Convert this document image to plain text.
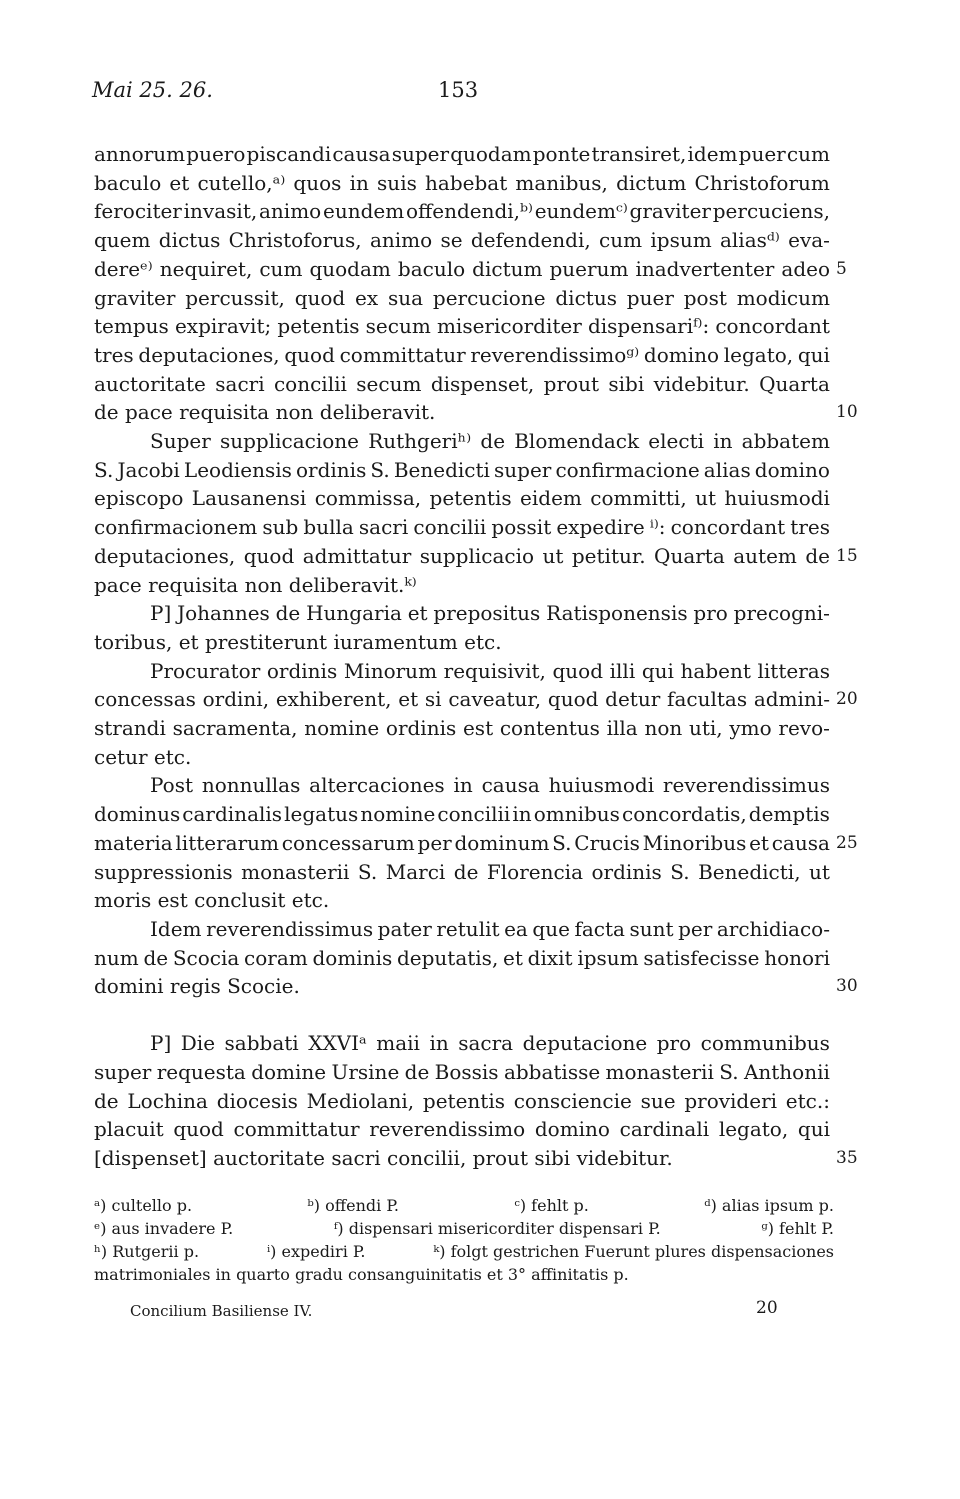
Mai 25. 26.	153
annorum puero piscandi causa super quodam ponte transiret, idem puer cum
baculo et cutello,ᵃ⁾ quos in suis habebat manibus, dictum Christoforum
ferociter invasit, animo eundem offendendi,ᵇ⁾ eundemᶜ⁾ graviter percuciens,
quem dictus Christoforus, animo se defendendi, cum ipsum aliasᵈ⁾ eva-
dereᵉ⁾ nequiret, cum quodam baculo dictum puerum inadvertenter adeo
graviter percussit, quod ex sua percucione dictus puer post modicum
tempus expiravit; petentis secum misericorditer dispensariᶠ⁾: concordant
tres deputaciones, quod committatur reverendissimoᵍ⁾ domino legato, qui
auctoritate sacri concilii secum dispenset, prout sibi videbitur. Quarta
de pace requisita non deliberavit.
Super supplicacione Ruthgeriʰ⁾ de Blomendack electi in abbatem
S. Jacobi Leodiensis ordinis S. Benedicti super confirmacione alias domino
episcopo Lausanensi commissa, petentis eidem committi, ut huiusmodi
confirmacionem sub bulla sacri concilii possit expedire ⁱ⁾: concordant tres
deputaciones, quod admittatur supplicacio ut petitur. Quarta autem de
pace requisita non deliberavit.ᵏ⁾
P] Johannes de Hungaria et prepositus Ratisponensis pro precogni-
toribus, et prestiterunt iuramentum etc.
Procurator ordinis Minorum requisivit, quod illi qui habent litteras
concessas ordini, exhiberent, et si caveatur, quod detur facultas admini-
strandi sacramenta, nomine ordinis est contentus illa non uti, ymo revo-
cetur etc.
Post nonnullas altercaciones in causa huiusmodi reverendissimus
dominus cardinalis legatus nomine concilii in omnibus concordatis, demptis
materia litterarum concessarum per dominum S. Crucis Minoribus et causa
suppressionis monasterii S. Marci de Florencia ordinis S. Benedicti, ut
moris est conclusit etc.
Idem reverendissimus pater retulit ea que facta sunt per archidiaco-
num de Scocia coram dominis deputatis, et dixit ipsum satisfecisse honori
domini regis Scocie.
P] Die sabbati XXVIᵃ maii in sacra deputacione pro communibus
super requesta domine Ursine de Bossis abbatisse monasterii S. Anthonii
de Lochina diocesis Mediolani, petentis consciencie sue provideri etc.:
placuit quod committatur reverendissimo domino cardinali legato, qui
[dispenset] auctoritate sacri concilii, prout sibi videbitur.
5
10
15
20
25
30
35
ᵃ) cultello p.	ᵇ) offendi P.	ᶜ) fehlt p.	ᵈ) alias ipsum p.
ᵉ) aus invadere P.	ᶠ) dispensari misericorditer dispensari P.	ᵍ) fehlt P.
ʰ) Rutgerii p.	ⁱ) expediri P.	ᵏ) folgt gestrichen Fuerunt plures dispensaciones
matrimoniales in quarto gradu consanguinitatis et 3° affinitatis p.
Concilium Basiliense IV.	20
